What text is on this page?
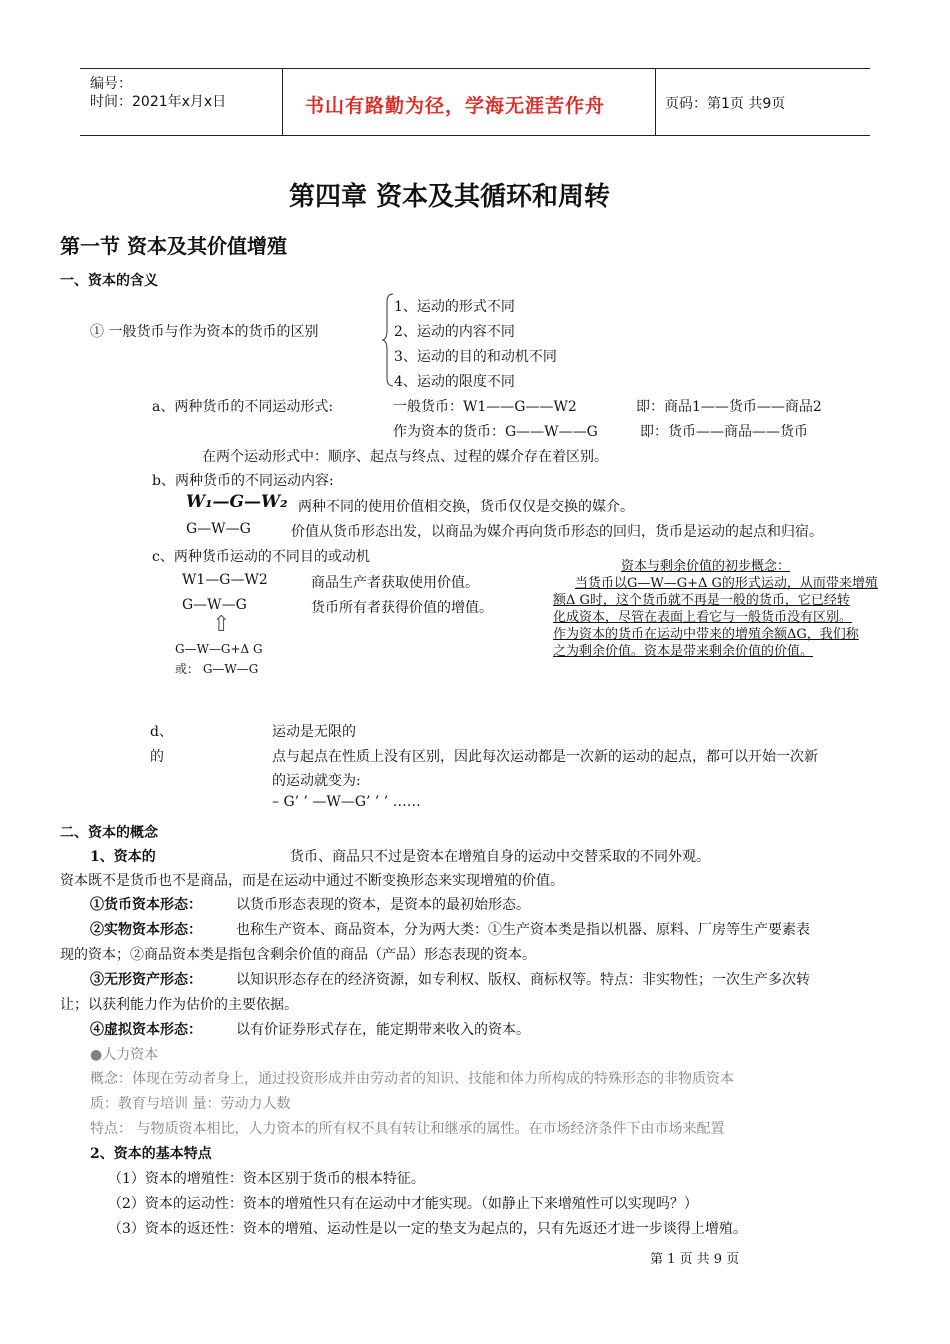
编号：
时间：2021年x月x日	书山有路勤为径，学海无涯苦作舟	页码：第1页 共9页
第四章 资本及其循环和周转
第一节 资本及其价值增殖
一、资本的含义
① 一般货币与作为资本的货币的区别
1、运动的形式不同
2、运动的内容不同
3、运动的目的和动机不同
4、运动的限度不同
a、两种货币的不同运动形式:	一般货币：W1——G——W2	即：商品1——货币——商品2
作为资本的货币：G——W——G	即：货币——商品——货币
在两个运动形式中：顺序、起点与终点、过程的媒介存在着区别。
b、两种货币的不同运动内容:
W₁—G—W₂ 两种不同的使用价值相交换，货币仅仅是交换的媒介。
G—W—G	价值从货币形态出发，以商品为媒介再向货币形态的回归，货币是运动的起点和归宿。
c、两种货币运动的不同目的或动机
W1—G—W2	商品生产者获取使用价值。
G—W—G	货币所有者获得价值的增值。
⇧
G—W—G+Δ G
或： G—W—G
资本与剩余价值的初步概念：
当货币以G—W—G+Δ G的形式运动，从而带来增殖
额Δ G时，这个货币就不再是一般的货币，它已经转
化成资本，尽管在表面上看它与一般货币没有区别。
作为资本的货币在运动中带来的增殖余额ΔG，我们称
之为剩余价值。资本是带来剩余价值的价值。
d、	运动是无限的
的	点与起点在性质上没有区别，因此每次运动都是一次新的运动的起点，都可以开始一次新
的运动就变为:
– G’ ’ —W—G’ ’ ’ ……
二、资本的概念
1、资本的	货币、商品只不过是资本在增殖自身的运动中交替采取的不同外观。
资本既不是货币也不是商品，而是在运动中通过不断变换形态来实现增殖的价值。
①货币资本形态： 以货币形态表现的资本，是资本的最初始形态。
②实物资本形态： 也称生产资本、商品资本，分为两大类：①生产资本类是指以机器、原料、厂房等生产要素表
现的资本；②商品资本类是指包含剩余价值的商品（产品）形态表现的资本。
③无形资产形态： 以知识形态存在的经济资源，如专利权、版权、商标权等。特点：非实物性；一次生产多次转
让；以获利能力作为估价的主要依据。
④虚拟资本形态： 以有价证券形式存在，能定期带来收入的资本。
●人力资本
概念：体现在劳动者身上，通过投资形成并由劳动者的知识、技能和体力所构成的特殊形态的非物质资本
质：教育与培训 量：劳动力人数
特点： 与物质资本相比，人力资本的所有权不具有转让和继承的属性。在市场经济条件下由市场来配置
2、资本的基本特点
（1）资本的增殖性：资本区别于货币的根本特征。
（2）资本的运动性：资本的增殖性只有在运动中才能实现。（如静止下来增殖性可以实现吗？）
（3）资本的返还性：资本的增殖、运动性是以一定的垫支为起点的，只有先返还才进一步谈得上增殖。
第 1 页 共 9 页
